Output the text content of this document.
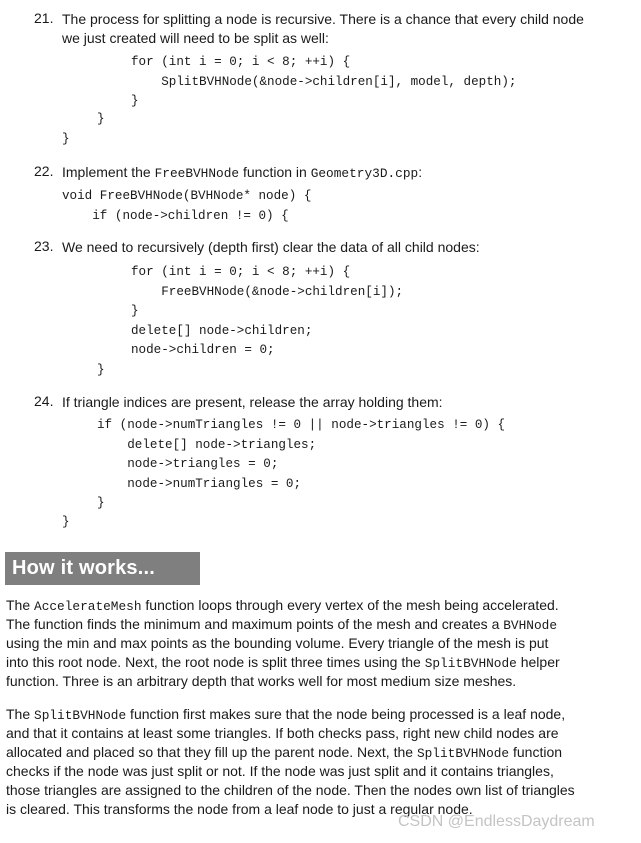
21. The process for splitting a node is recursive. There is a chance that every child node
we just created will need to be split as well:
for (int i = 0; i < 8; ++i) {
SplitBVHNode(&node->children[i], model, depth);
}
}
}
22. Implement the FreeBVHNode function in Geometry3D.cpp:
void FreeBVHNode(BVHNode* node) {
if (node->children != 0) {
23. We need to recursively (depth first) clear the data of all child nodes:
for (int i = 0; i < 8; ++i) {
FreeBVHNode(&node->children[i]);
}
delete[] node->children;
node->children = 0;
}
24. If triangle indices are present, release the array holding them:
if (node->numTriangles != 0 || node->triangles != 0) {
delete[] node->triangles;
node->triangles = 0;
node->numTriangles = 0;
}
}
How it works...
The AccelerateMesh function loops through every vertex of the mesh being accelerated.
The function finds the minimum and maximum points of the mesh and creates a BVHNode
using the min and max points as the bounding volume. Every triangle of the mesh is put
into this root node. Next, the root node is split three times using the SplitBVHNode helper
function. Three is an arbitrary depth that works well for most medium size meshes.
The SplitBVHNode function first makes sure that the node being processed is a leaf node,
and that it contains at least some triangles. If both checks pass, right new child nodes are
allocated and placed so that they fill up the parent node. Next, the SplitBVHNode function
checks if the node was just split or not. If the node was just split and it contains triangles,
those triangles are assigned to the children of the node. Then the nodes own list of triangles
is cleared. This transforms the node from a leaf node to just a regular node.
CSDN @EndlessDaydream
